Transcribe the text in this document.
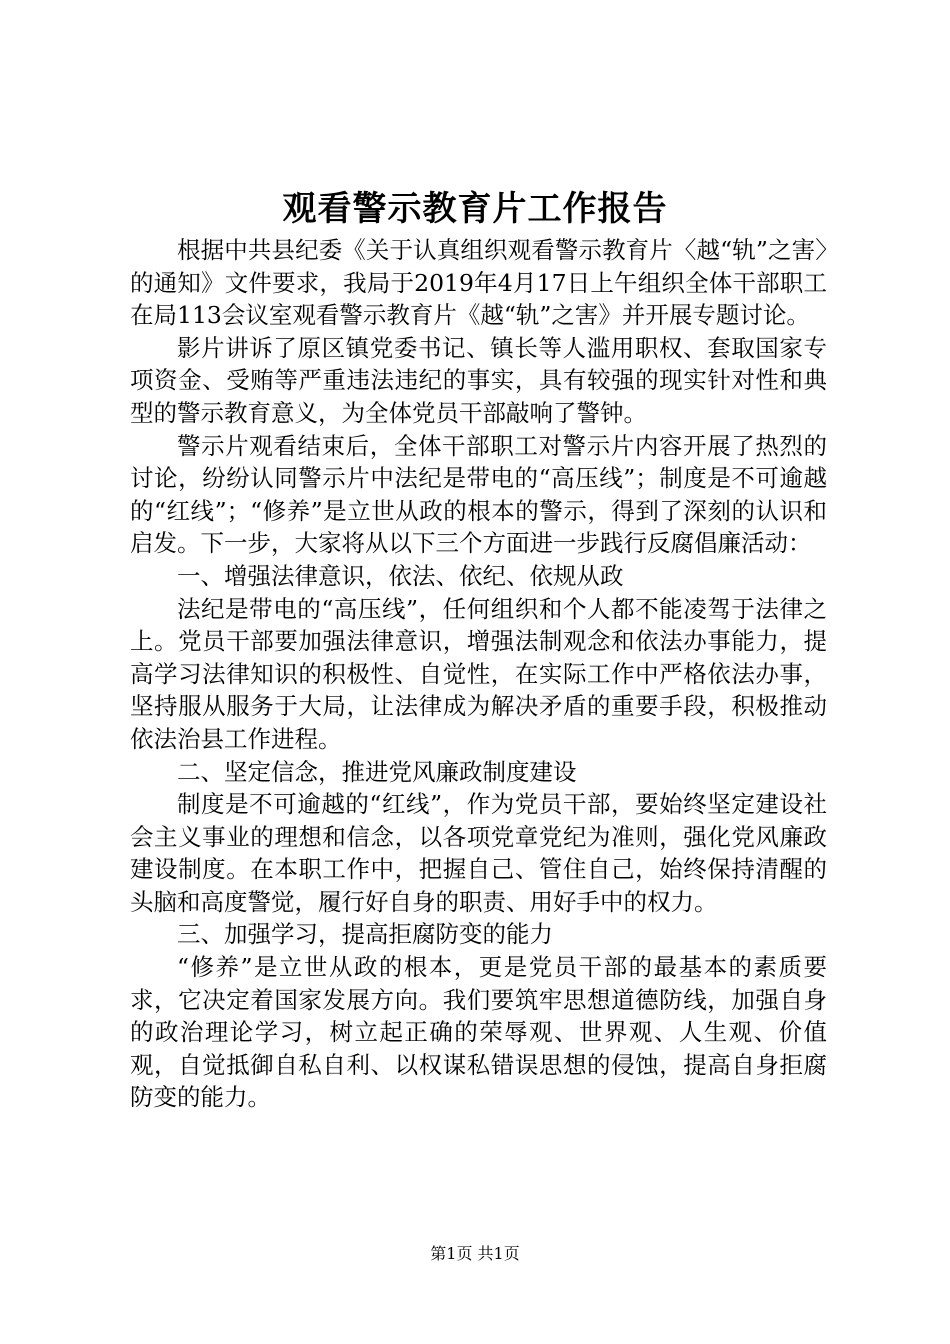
观看警示教育片工作报告

根据中共县纪委《关于认真组织观看警示教育片〈越“轨”之害〉的通知》文件要求，我局于2019年4月17日上午组织全体干部职工在局113会议室观看警示教育片《越“轨”之害》并开展专题讨论。

影片讲诉了原区镇党委书记、镇长等人滥用职权、套取国家专项资金、受贿等严重违法违纪的事实，具有较强的现实针对性和典型的警示教育意义，为全体党员干部敲响了警钟。

警示片观看结束后，全体干部职工对警示片内容开展了热烈的讨论，纷纷认同警示片中法纪是带电的“高压线”；制度是不可逾越的“红线”；“修养”是立世从政的根本的警示，得到了深刻的认识和启发。下一步，大家将从以下三个方面进一步践行反腐倡廉活动：

一、增强法律意识，依法、依纪、依规从政

法纪是带电的“高压线”，任何组织和个人都不能凌驾于法律之上。党员干部要加强法律意识，增强法制观念和依法办事能力，提高学习法律知识的积极性、自觉性，在实际工作中严格依法办事，坚持服从服务于大局，让法律成为解决矛盾的重要手段，积极推动依法治县工作进程。

二、坚定信念，推进党风廉政制度建设

制度是不可逾越的“红线”，作为党员干部，要始终坚定建设社会主义事业的理想和信念，以各项党章党纪为准则，强化党风廉政建设制度。在本职工作中，把握自己、管住自己，始终保持清醒的头脑和高度警觉，履行好自身的职责、用好手中的权力。

三、加强学习，提高拒腐防变的能力

“修养”是立世从政的根本，更是党员干部的最基本的素质要求，它决定着国家发展方向。我们要筑牢思想道德防线，加强自身的政治理论学习，树立起正确的荣辱观、世界观、人生观、价值观，自觉抵御自私自利、以权谋私错误思想的侵蚀，提高自身拒腐防变的能力。

第1页 共1页
